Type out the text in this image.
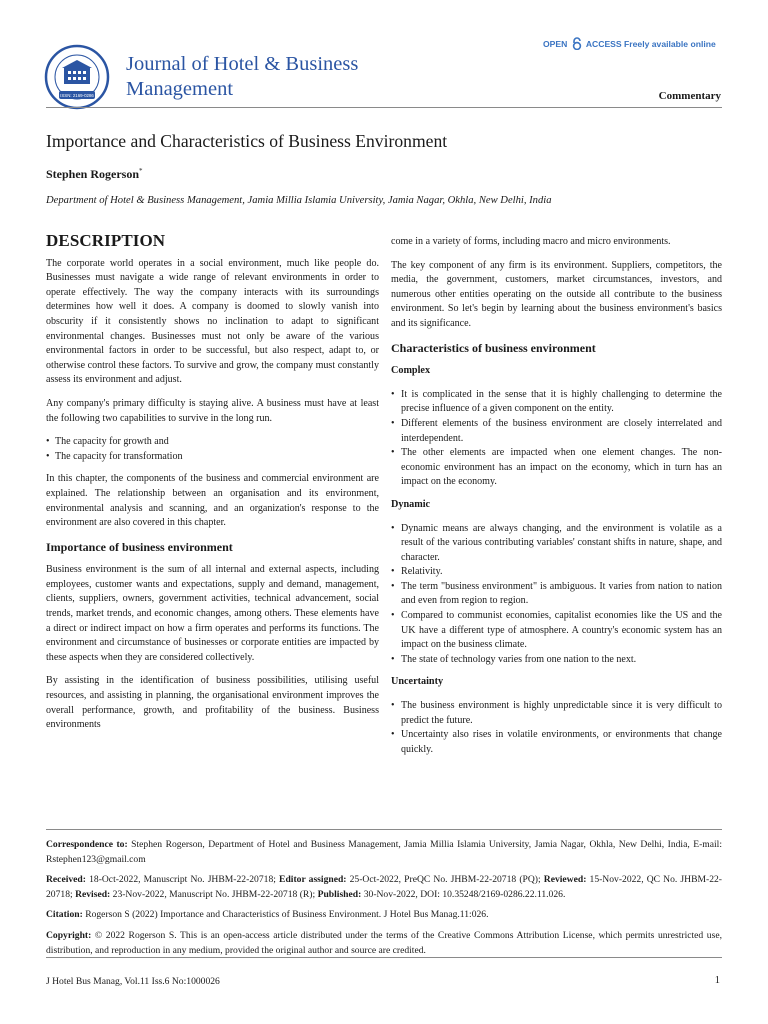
ISSN: 2169-0286
Journal of Hotel & Business
Management
OPEN ACCESS Freely available online
Commentary
Importance and Characteristics of Business Environment
Stephen Rogerson*
Department of Hotel & Business Management, Jamia Millia Islamia University, Jamia Nagar, Okhla, New Delhi, India
DESCRIPTION

The corporate world operates in a social environment, much like people do. Businesses must navigate a wide range of relevant environments in order to operate effectively. The way the company interacts with its surroundings determines how well it does. A company is doomed to slowly vanish into obscurity if it consistently shows no inclination to adapt to significant environmental changes. Businesses must not only be aware of the various environmental factors in order to be successful, but also respect, adapt to, or otherwise control these factors. To survive and grow, the company must constantly assess its environment and adjust.

Any company's primary difficulty is staying alive. A business must have at least the following two capabilities to survive in the long run.

• The capacity for growth and
• The capacity for transformation

In this chapter, the components of the business and commercial environment are explained. The relationship between an organisation and its environment, environmental analysis and scanning, and an organization's response to the environment are also covered in this chapter.

Importance of business environment

Business environment is the sum of all internal and external aspects, including employees, customer wants and expectations, supply and demand, management, clients, suppliers, owners, government activities, technical advancement, social trends, market trends, and economic changes, among others. These elements have a direct or indirect impact on how a firm operates and performs its functions. The environment and circumstance of businesses or corporate entities are impacted by these aspects when they are considered collectively.

By assisting in the identification of business possibilities, utilising useful resources, and assisting in planning, the organisational environment improves the overall performance, growth, and profitability of the business. Business environments

come in a variety of forms, including macro and micro environments.

The key component of any firm is its environment. Suppliers, competitors, the media, the government, customers, market circumstances, investors, and numerous other entities operating on the outside all contribute to the business environment. So let's begin by learning about the business environment's basics and its significance.

Characteristics of business environment
Complex
• It is complicated in the sense that it is highly challenging to determine the precise influence of a given component on the entity.
• Different elements of the business environment are closely interrelated and interdependent.
• The other elements are impacted when one element changes. The non-economic environment has an impact on the economy, which in turn has an impact on the economy.
Dynamic
• Dynamic means are always changing, and the environment is volatile as a result of the various contributing variables' constant shifts in nature, shape, and character.
• Relativity.
• The term "business environment" is ambiguous. It varies from nation to nation and even from region to region.
• Compared to communist economies, capitalist economies like the US and the UK have a different type of atmosphere. A country's economic system has an impact on the business climate.
• The state of technology varies from one nation to the next.
Uncertainty
• The business environment is highly unpredictable since it is very difficult to predict the future.
• Uncertainty also rises in volatile environments, or environments that change quickly.

Correspondence to: Stephen Rogerson, Department of Hotel and Business Management, Jamia Millia Islamia University, Jamia Nagar, Okhla, New Delhi, India, E-mail: Rstephen123@gmail.com

Received: 18-Oct-2022, Manuscript No. JHBM-22-20718; Editor assigned: 25-Oct-2022, PreQC No. JHBM-22-20718 (PQ); Reviewed: 15-Nov-2022, QC No. JHBM-22-20718; Revised: 23-Nov-2022, Manuscript No. JHBM-22-20718 (R); Published: 30-Nov-2022, DOI: 10.35248/2169-0286.22.11.026.

Citation: Rogerson S (2022) Importance and Characteristics of Business Environment. J Hotel Bus Manag.11:026.

Copyright: © 2022 Rogerson S. This is an open-access article distributed under the terms of the Creative Commons Attribution License, which permits unrestricted use, distribution, and reproduction in any medium, provided the original author and source are credited.

J Hotel Bus Manag, Vol.11 Iss.6 No:1000026	1
